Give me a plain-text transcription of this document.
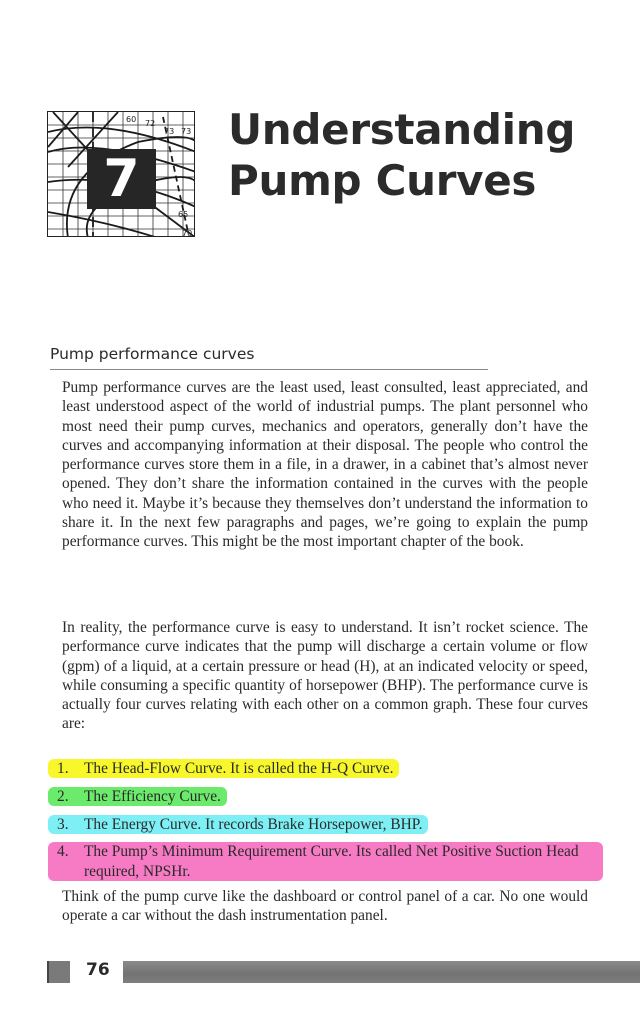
60 72
73 73
65
70
7
Understanding
Pump Curves
Pump performance curves

Pump performance curves are the least used, least consulted, least appreciated, and least understood aspect of the world of industrial pumps. The plant personnel who most need their pump curves, mechanics and operators, generally don’t have the curves and accompanying information at their disposal. The people who control the performance curves store them in a file, in a drawer, in a cabinet that’s almost never opened. They don’t share the information contained in the curves with the people who need it. Maybe it’s because they themselves don’t understand the information to share it. In the next few paragraphs and pages, we’re going to explain the pump performance curves. This might be the most important chapter of the book.

In reality, the performance curve is easy to understand. It isn’t rocket science. The performance curve indicates that the pump will discharge a certain volume or flow (gpm) of a liquid, at a certain pressure or head (H), at an indicated velocity or speed, while consuming a specific quantity of horsepower (BHP). The performance curve is actually four curves relating with each other on a common graph. These four curves are:

1. The Head-Flow Curve. It is called the H-Q Curve.
2. The Efficiency Curve.
3. The Energy Curve. It records Brake Horsepower, BHP.
4.	The Pump’s Minimum Requirement Curve. Its called Net Positive Suction Head required, NPSHr.

Think of the pump curve like the dashboard or control panel of a car. No one would operate a car without the dash instrumentation panel.

76
